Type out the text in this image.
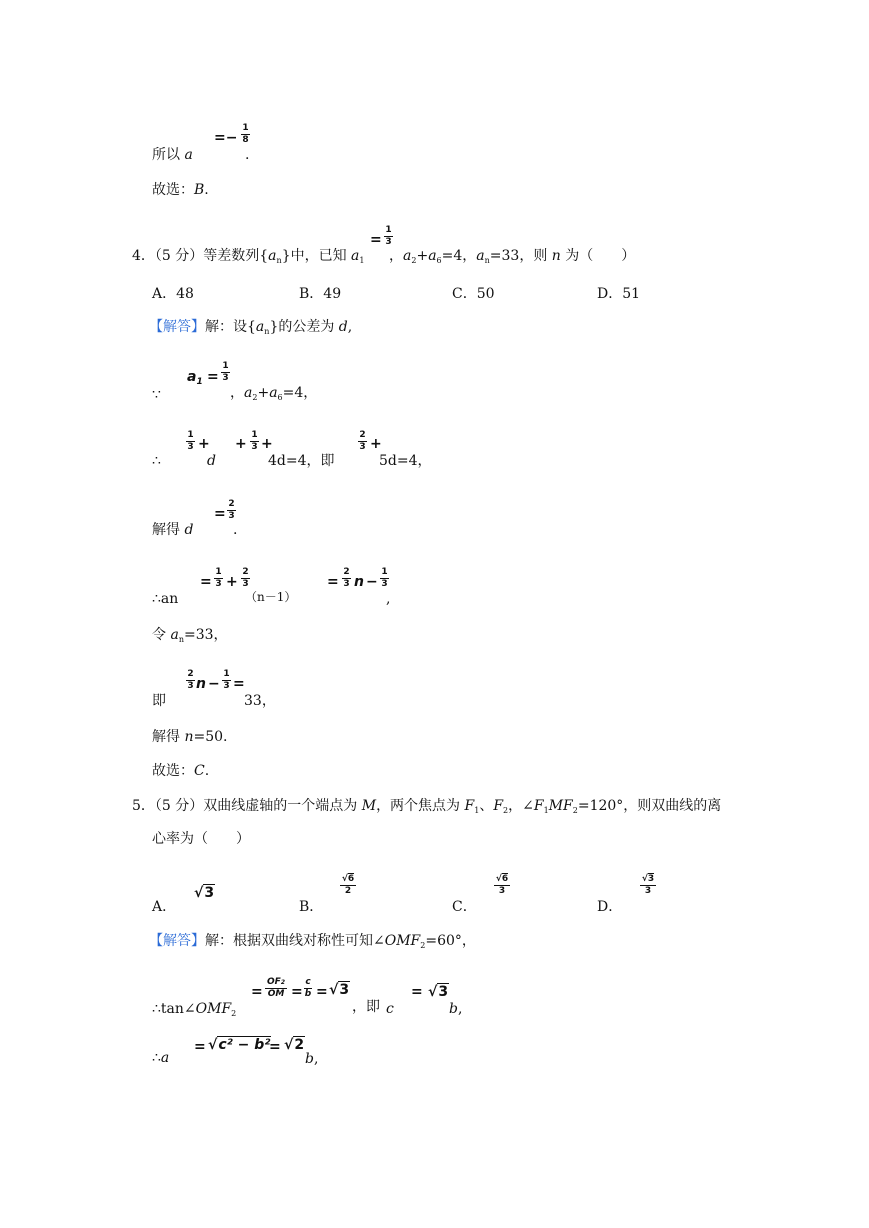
所以 a
=−
1
8
.
故选：B.
4．（5 分）等差数列$\{a_n\}$中，已知 $a_1$
=
1
3
，$a_2+a_6=4$，$a_n=33$，则 n 为（　　）
A．48	B．49	C．50	D．51
【解答】解：设$\{a_n\}$的公差为 d,
∵
$a_1$ =
1
3
，$a_2+a_6=4$，
∴
1
3 +
d
+
1
3 +
4d=4，即
2
3 +
5d=4，
解得 d
=
2
3
.
∴an
=
1
3 +
2
3
（n－1）
=
2
3 n −
1
3
,
令 $a_n=33$，
即
2
3 n −
1
3 =
33，
解得 n=50.
故选：C.
5．（5 分）双曲线虚轴的一个端点为 M，两个焦点为 $F_1$、$F_2$，$\angle F_1MF_2=120^\circ$，则双曲线的离
心率为（　　）
A．
√3
B．
√6
2
C．
√6
3
D．
√3
3
【解答】解：根据双曲线对称性可知$\angle OMF_2=60^\circ$，
$\therefore\tan\angle OMF_2$
=
OF2
OM =
c
b = √3
，即 c
= √3
b,
∴a
= √c² − b²
= √2
b,
